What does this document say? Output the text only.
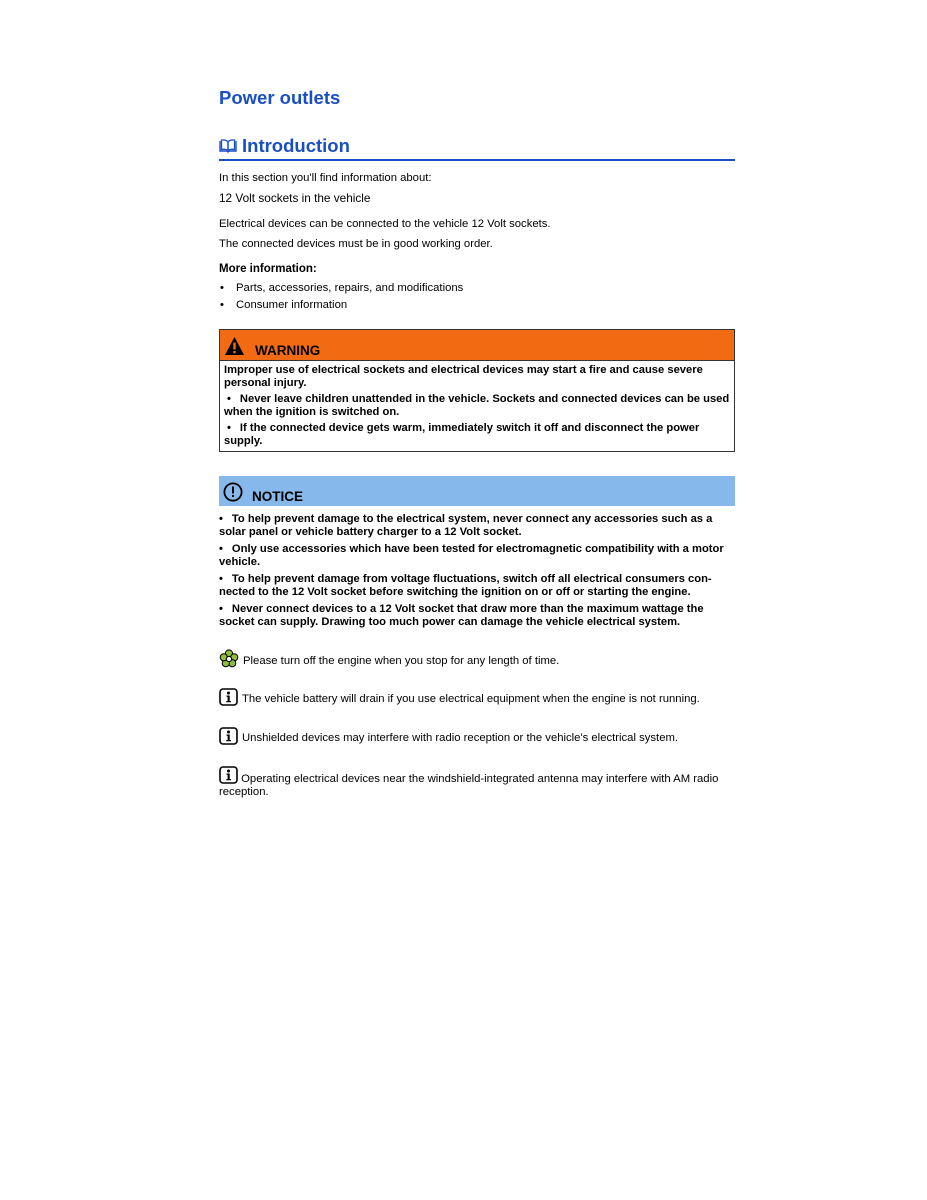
Power outlets
Introduction

In this section you'll find information about:

12 Volt sockets in the vehicle

Electrical devices can be connected to the vehicle 12 Volt sockets.

The connected devices must be in good working order.

More information:

• Parts, accessories, repairs, and modifications
• Consumer information
WARNING

Improper use of electrical sockets and electrical devices may start a fire and cause severe personal injury.

• Never leave children unattended in the vehicle. Sockets and connected devices can be used when the ignition is switched on.

• If the connected device gets warm, immediately switch it off and disconnect the power supply.

NOTICE

• To help prevent damage to the electrical system, never connect any accessories such as a solar panel or vehicle battery charger to a 12 Volt socket.

• Only use accessories which have been tested for electromagnetic compatibility with a motor vehicle.

• To help prevent damage from voltage fluctuations, switch off all electrical consumers con-nected to the 12 Volt socket before switching the ignition on or off or starting the engine.

• Never connect devices to a 12 Volt socket that draw more than the maximum wattage the socket can supply. Drawing too much power can damage the vehicle electrical system.

Please turn off the engine when you stop for any length of time.
The vehicle battery will drain if you use electrical equipment when the engine is not running.
Unshielded devices may interfere with radio reception or the vehicle's electrical system.
Operating electrical devices near the windshield-integrated antenna may interfere with AM radio reception.
